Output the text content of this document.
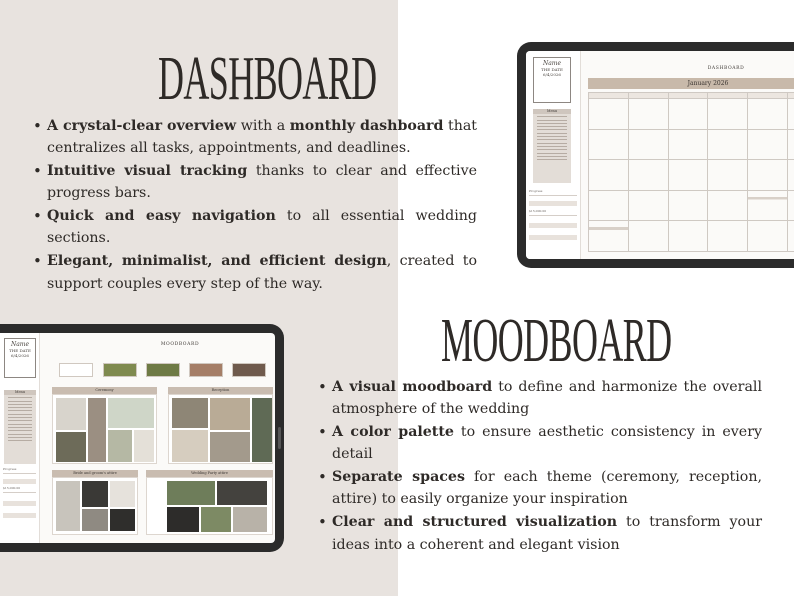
DASHBOARD
• A crystal-clear overview with a monthly dashboard that centralizes all tasks, appointments, and deadlines.
• Intuitive visual tracking thanks to clear and effective progress bars.
• Quick and easy navigation to all essential wedding sections.
• Elegant, minimalist, and efficient design, created to support couples every step of the way.
MOODBOARD
• A visual moodboard to define and harmonize the overall atmosphere of the wedding
• A color palette to ensure aesthetic consistency in every detail
• Separate spaces for each theme (ceremony, reception, attire) to easily organize your inspiration
• Clear and structured visualization to transform your ideas into a coherent and elegant vision
Name
THE DATE
6/4/2026
Menu
Progress
$15,000.00
DASHBOARD
January 2026
Name
THE DATE
6/4/2026
Menu
Progress
$15,000.00
MOODBOARD
Ceremony	Reception
Bride and groom's attire	Wedding Party attire
